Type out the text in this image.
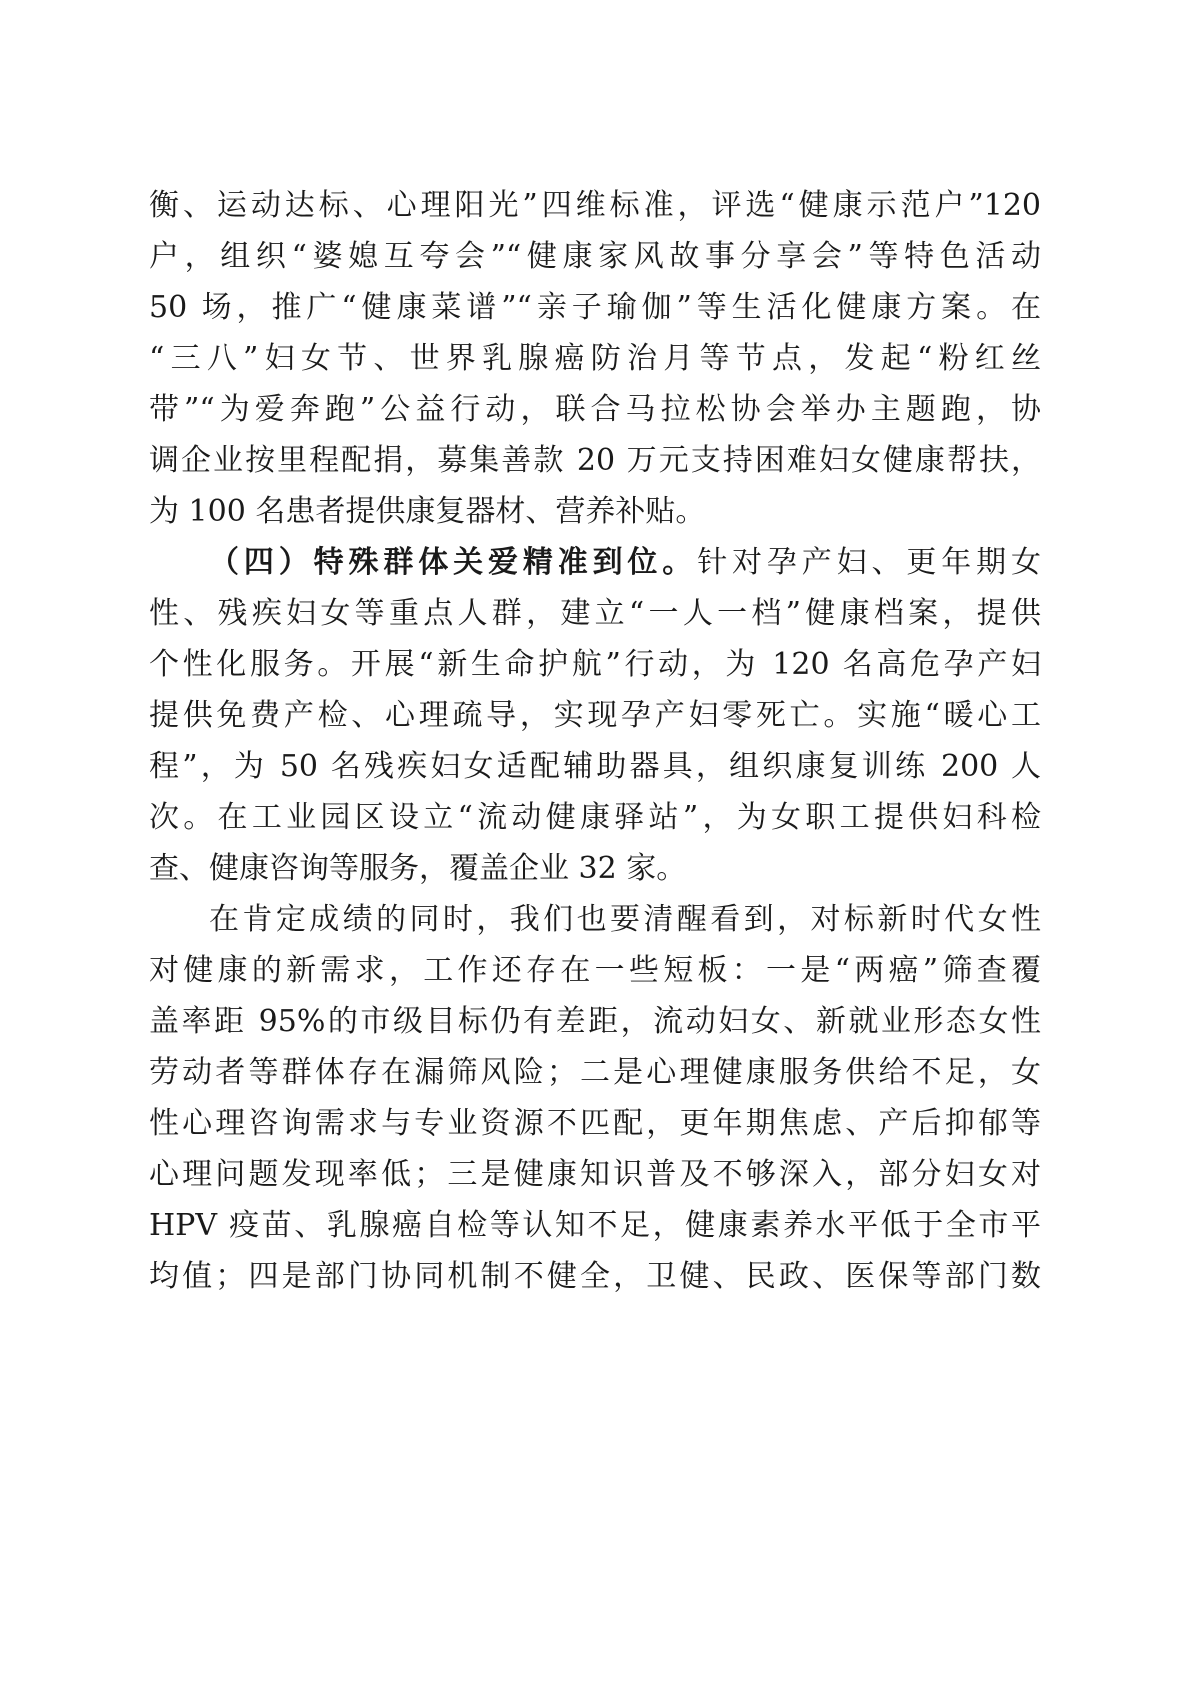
衡、运动达标、心理阳光”四维标准，评选“健康示范户”120
户，组织“婆媳互夸会”“健康家风故事分享会”等特色活动
50 场，推广“健康菜谱”“亲子瑜伽”等生活化健康方案。在
“三八”妇女节、世界乳腺癌防治月等节点，发起“粉红丝
带”“为爱奔跑”公益行动，联合马拉松协会举办主题跑，协
调企业按里程配捐，募集善款 20 万元支持困难妇女健康帮扶，
为 100 名患者提供康复器材、营养补贴。
（四）特殊群体关爱精准到位。针对孕产妇、更年期女
性、残疾妇女等重点人群，建立“一人一档”健康档案，提供
个性化服务。开展“新生命护航”行动，为 120 名高危孕产妇
提供免费产检、心理疏导，实现孕产妇零死亡。实施“暖心工
程”，为 50 名残疾妇女适配辅助器具，组织康复训练 200 人
次。在工业园区设立“流动健康驿站”，为女职工提供妇科检
查、健康咨询等服务，覆盖企业 32 家。
在肯定成绩的同时，我们也要清醒看到，对标新时代女性
对健康的新需求，工作还存在一些短板：一是“两癌”筛查覆
盖率距 95%的市级目标仍有差距，流动妇女、新就业形态女性
劳动者等群体存在漏筛风险；二是心理健康服务供给不足，女
性心理咨询需求与专业资源不匹配，更年期焦虑、产后抑郁等
心理问题发现率低；三是健康知识普及不够深入，部分妇女对
HPV 疫苗、乳腺癌自检等认知不足，健康素养水平低于全市平
均值；四是部门协同机制不健全，卫健、民政、医保等部门数
